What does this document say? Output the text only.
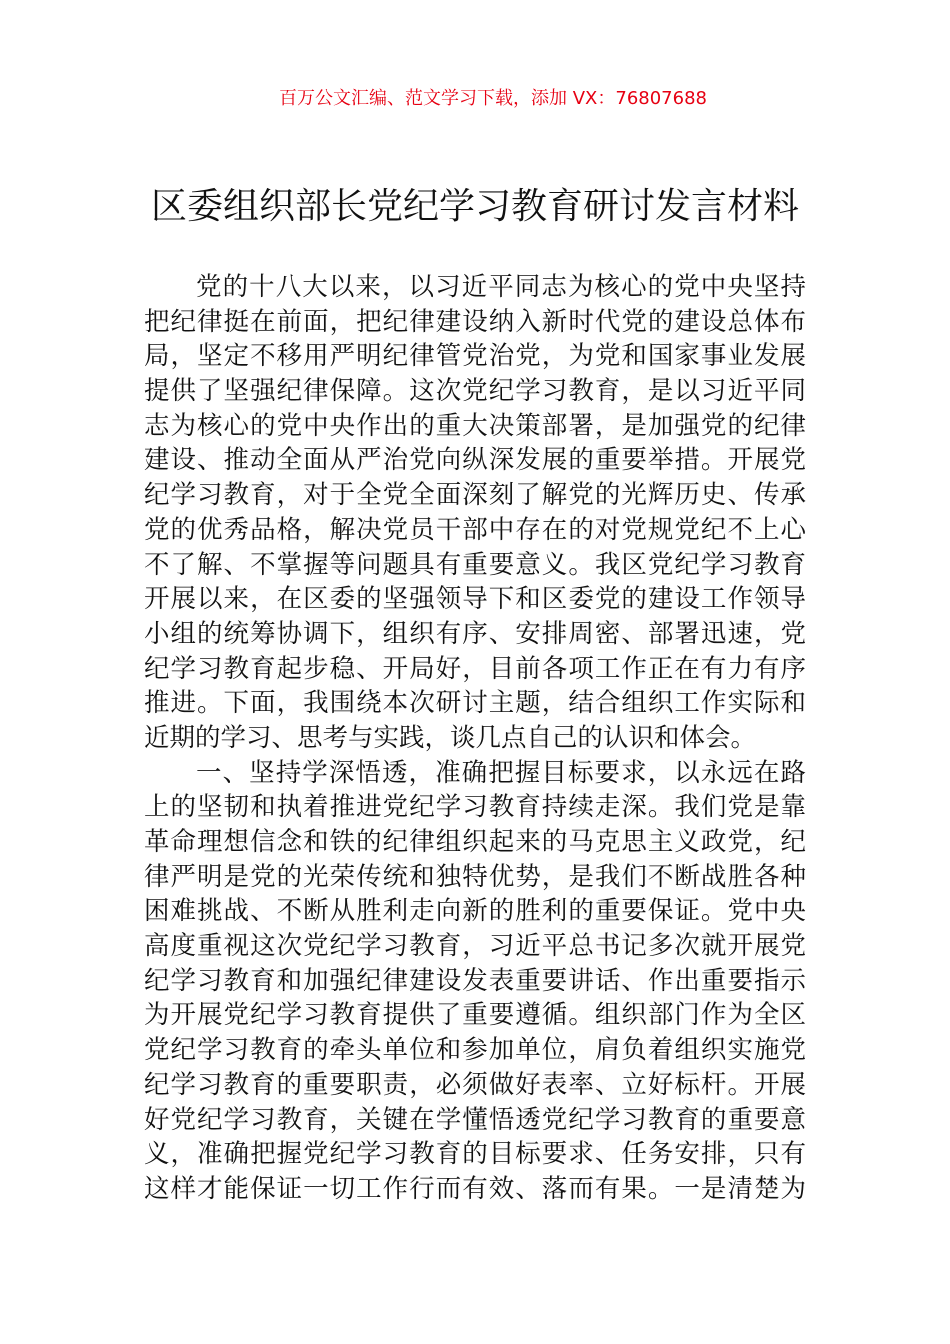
百万公文汇编、范文学习下载，添加 VX：76807688
区委组织部长党纪学习教育研讨发言材料
党的十八大以来，以习近平同志为核心的党中央坚持
把纪律挺在前面，把纪律建设纳入新时代党的建设总体布
局，坚定不移用严明纪律管党治党，为党和国家事业发展
提供了坚强纪律保障。这次党纪学习教育，是以习近平同
志为核心的党中央作出的重大决策部署，是加强党的纪律
建设、推动全面从严治党向纵深发展的重要举措。开展党
纪学习教育，对于全党全面深刻了解党的光辉历史、传承
党的优秀品格，解决党员干部中存在的对党规党纪不上心
不了解、不掌握等问题具有重要意义。我区党纪学习教育
开展以来，在区委的坚强领导下和区委党的建设工作领导
小组的统筹协调下，组织有序、安排周密、部署迅速，党
纪学习教育起步稳、开局好，目前各项工作正在有力有序
推进。下面，我围绕本次研讨主题，结合组织工作实际和
近期的学习、思考与实践，谈几点自己的认识和体会。
一、坚持学深悟透，准确把握目标要求，以永远在路
上的坚韧和执着推进党纪学习教育持续走深。我们党是靠
革命理想信念和铁的纪律组织起来的马克思主义政党，纪
律严明是党的光荣传统和独特优势，是我们不断战胜各种
困难挑战、不断从胜利走向新的胜利的重要保证。党中央
高度重视这次党纪学习教育，习近平总书记多次就开展党
纪学习教育和加强纪律建设发表重要讲话、作出重要指示
为开展党纪学习教育提供了重要遵循。组织部门作为全区
党纪学习教育的牵头单位和参加单位，肩负着组织实施党
纪学习教育的重要职责，必须做好表率、立好标杆。开展
好党纪学习教育，关键在学懂悟透党纪学习教育的重要意
义，准确把握党纪学习教育的目标要求、任务安排，只有
这样才能保证一切工作行而有效、落而有果。一是清楚为
